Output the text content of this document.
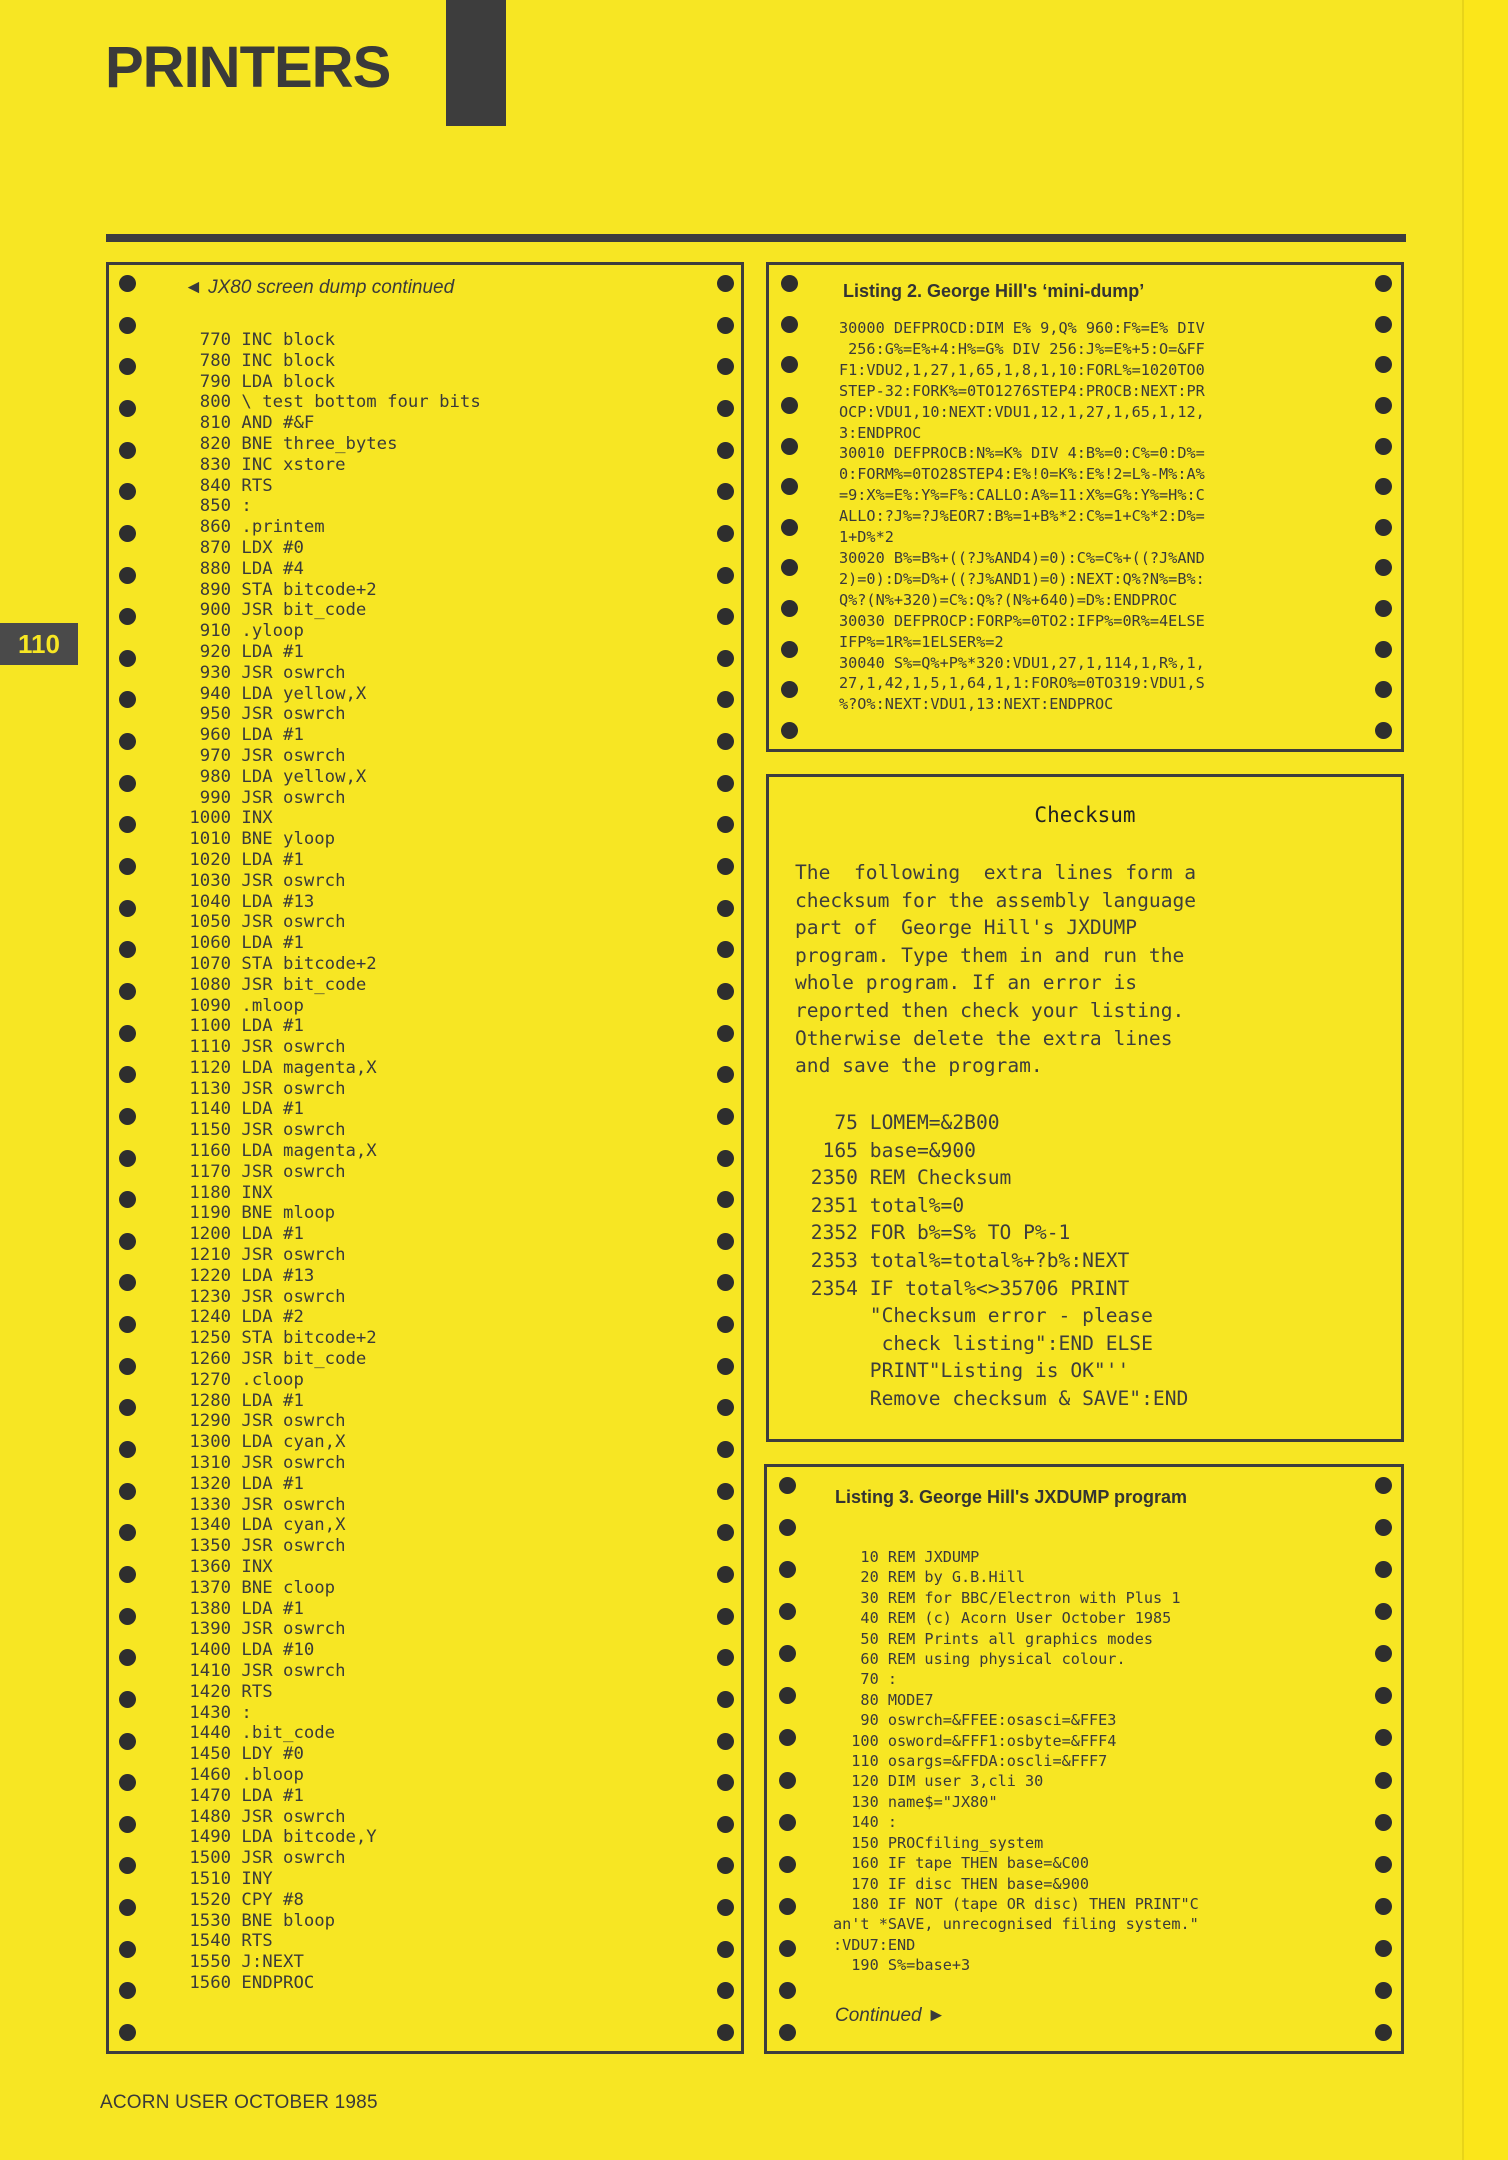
PRINTERS
110
◄ JX80 screen dump continued
770 INC block
780 INC block
790 LDA block
800 \ test bottom four bits
810 AND #&F
820 BNE three_bytes
830 INC xstore
840 RTS
850 :
860 .printem
870 LDX #0
880 LDA #4
890 STA bitcode+2
900 JSR bit_code
910 .yloop
920 LDA #1
930 JSR oswrch
940 LDA yellow,X
950 JSR oswrch
960 LDA #1
970 JSR oswrch
980 LDA yellow,X
990 JSR oswrch
1000 INX
1010 BNE yloop
1020 LDA #1
1030 JSR oswrch
1040 LDA #13
1050 JSR oswrch
1060 LDA #1
1070 STA bitcode+2
1080 JSR bit_code
1090 .mloop
1100 LDA #1
1110 JSR oswrch
1120 LDA magenta,X
1130 JSR oswrch
1140 LDA #1
1150 JSR oswrch
1160 LDA magenta,X
1170 JSR oswrch
1180 INX
1190 BNE mloop
1200 LDA #1
1210 JSR oswrch
1220 LDA #13
1230 JSR oswrch
1240 LDA #2
1250 STA bitcode+2
1260 JSR bit_code
1270 .cloop
1280 LDA #1
1290 JSR oswrch
1300 LDA cyan,X
1310 JSR oswrch
1320 LDA #1
1330 JSR oswrch
1340 LDA cyan,X
1350 JSR oswrch
1360 INX
1370 BNE cloop
1380 LDA #1
1390 JSR oswrch
1400 LDA #10
1410 JSR oswrch
1420 RTS
1430 :
1440 .bit_code
1450 LDY #0
1460 .bloop
1470 LDA #1
1480 JSR oswrch
1490 LDA bitcode,Y
1500 JSR oswrch
1510 INY
1520 CPY #8
1530 BNE bloop
1540 RTS
1550 J:NEXT
1560 ENDPROC
Listing 2. George Hill's ‘mini-dump’
30000 DEFPROCD:DIM E% 9,Q% 960:F%=E% DIV
256:G%=E%+4:H%=G% DIV 256:J%=E%+5:O=&FF
F1:VDU2,1,27,1,65,1,8,1,10:FORL%=1020TO0
STEP-32:FORK%=0TO1276STEP4:PROCB:NEXT:PR
OCP:VDU1,10:NEXT:VDU1,12,1,27,1,65,1,12,
3:ENDPROC
30010 DEFPROCB:N%=K% DIV 4:B%=0:C%=0:D%=
0:FORM%=0TO28STEP4:E%!0=K%:E%!2=L%-M%:A%
=9:X%=E%:Y%=F%:CALLO:A%=11:X%=G%:Y%=H%:C
ALLO:?J%=?J%EOR7:B%=1+B%*2:C%=1+C%*2:D%=
1+D%*2
30020 B%=B%+((?J%AND4)=0):C%=C%+((?J%AND
2)=0):D%=D%+((?J%AND1)=0):NEXT:Q%?N%=B%:
Q%?(N%+320)=C%:Q%?(N%+640)=D%:ENDPROC
30030 DEFPROCP:FORP%=0TO2:IFP%=0R%=4ELSE
IFP%=1R%=1ELSER%=2
30040 S%=Q%+P%*320:VDU1,27,1,114,1,R%,1,
27,1,42,1,5,1,64,1,1:FORO%=0TO319:VDU1,S
%?O%:NEXT:VDU1,13:NEXT:ENDPROC
Checksum
The  following  extra lines form a
checksum for the assembly language
part of  George Hill's JXDUMP
program. Type them in and run the
whole program. If an error is
reported then check your listing.
Otherwise delete the extra lines
and save the program.
75 LOMEM=&2B00
165 base=&900
2350 REM Checksum
2351 total%=0
2352 FOR b%=S% TO P%-1
2353 total%=total%+?b%:NEXT
2354 IF total%<>35706 PRINT
"Checksum error - please
check listing":END ELSE
PRINT"Listing is OK"''
Remove checksum & SAVE":END
Listing 3. George Hill's JXDUMP program
10 REM JXDUMP
20 REM by G.B.Hill
30 REM for BBC/Electron with Plus 1
40 REM (c) Acorn User October 1985
50 REM Prints all graphics modes
60 REM using physical colour.
70 :
80 MODE7
90 oswrch=&FFEE:osasci=&FFE3
100 osword=&FFF1:osbyte=&FFF4
110 osargs=&FFDA:oscli=&FFF7
120 DIM user 3,cli 30
130 name$="JX80"
140 :
150 PROCfiling_system
160 IF tape THEN base=&C00
170 IF disc THEN base=&900
180 IF NOT (tape OR disc) THEN PRINT"C
an't *SAVE, unrecognised filing system."
:VDU7:END
190 S%=base+3
Continued ►
ACORN USER OCTOBER 1985
